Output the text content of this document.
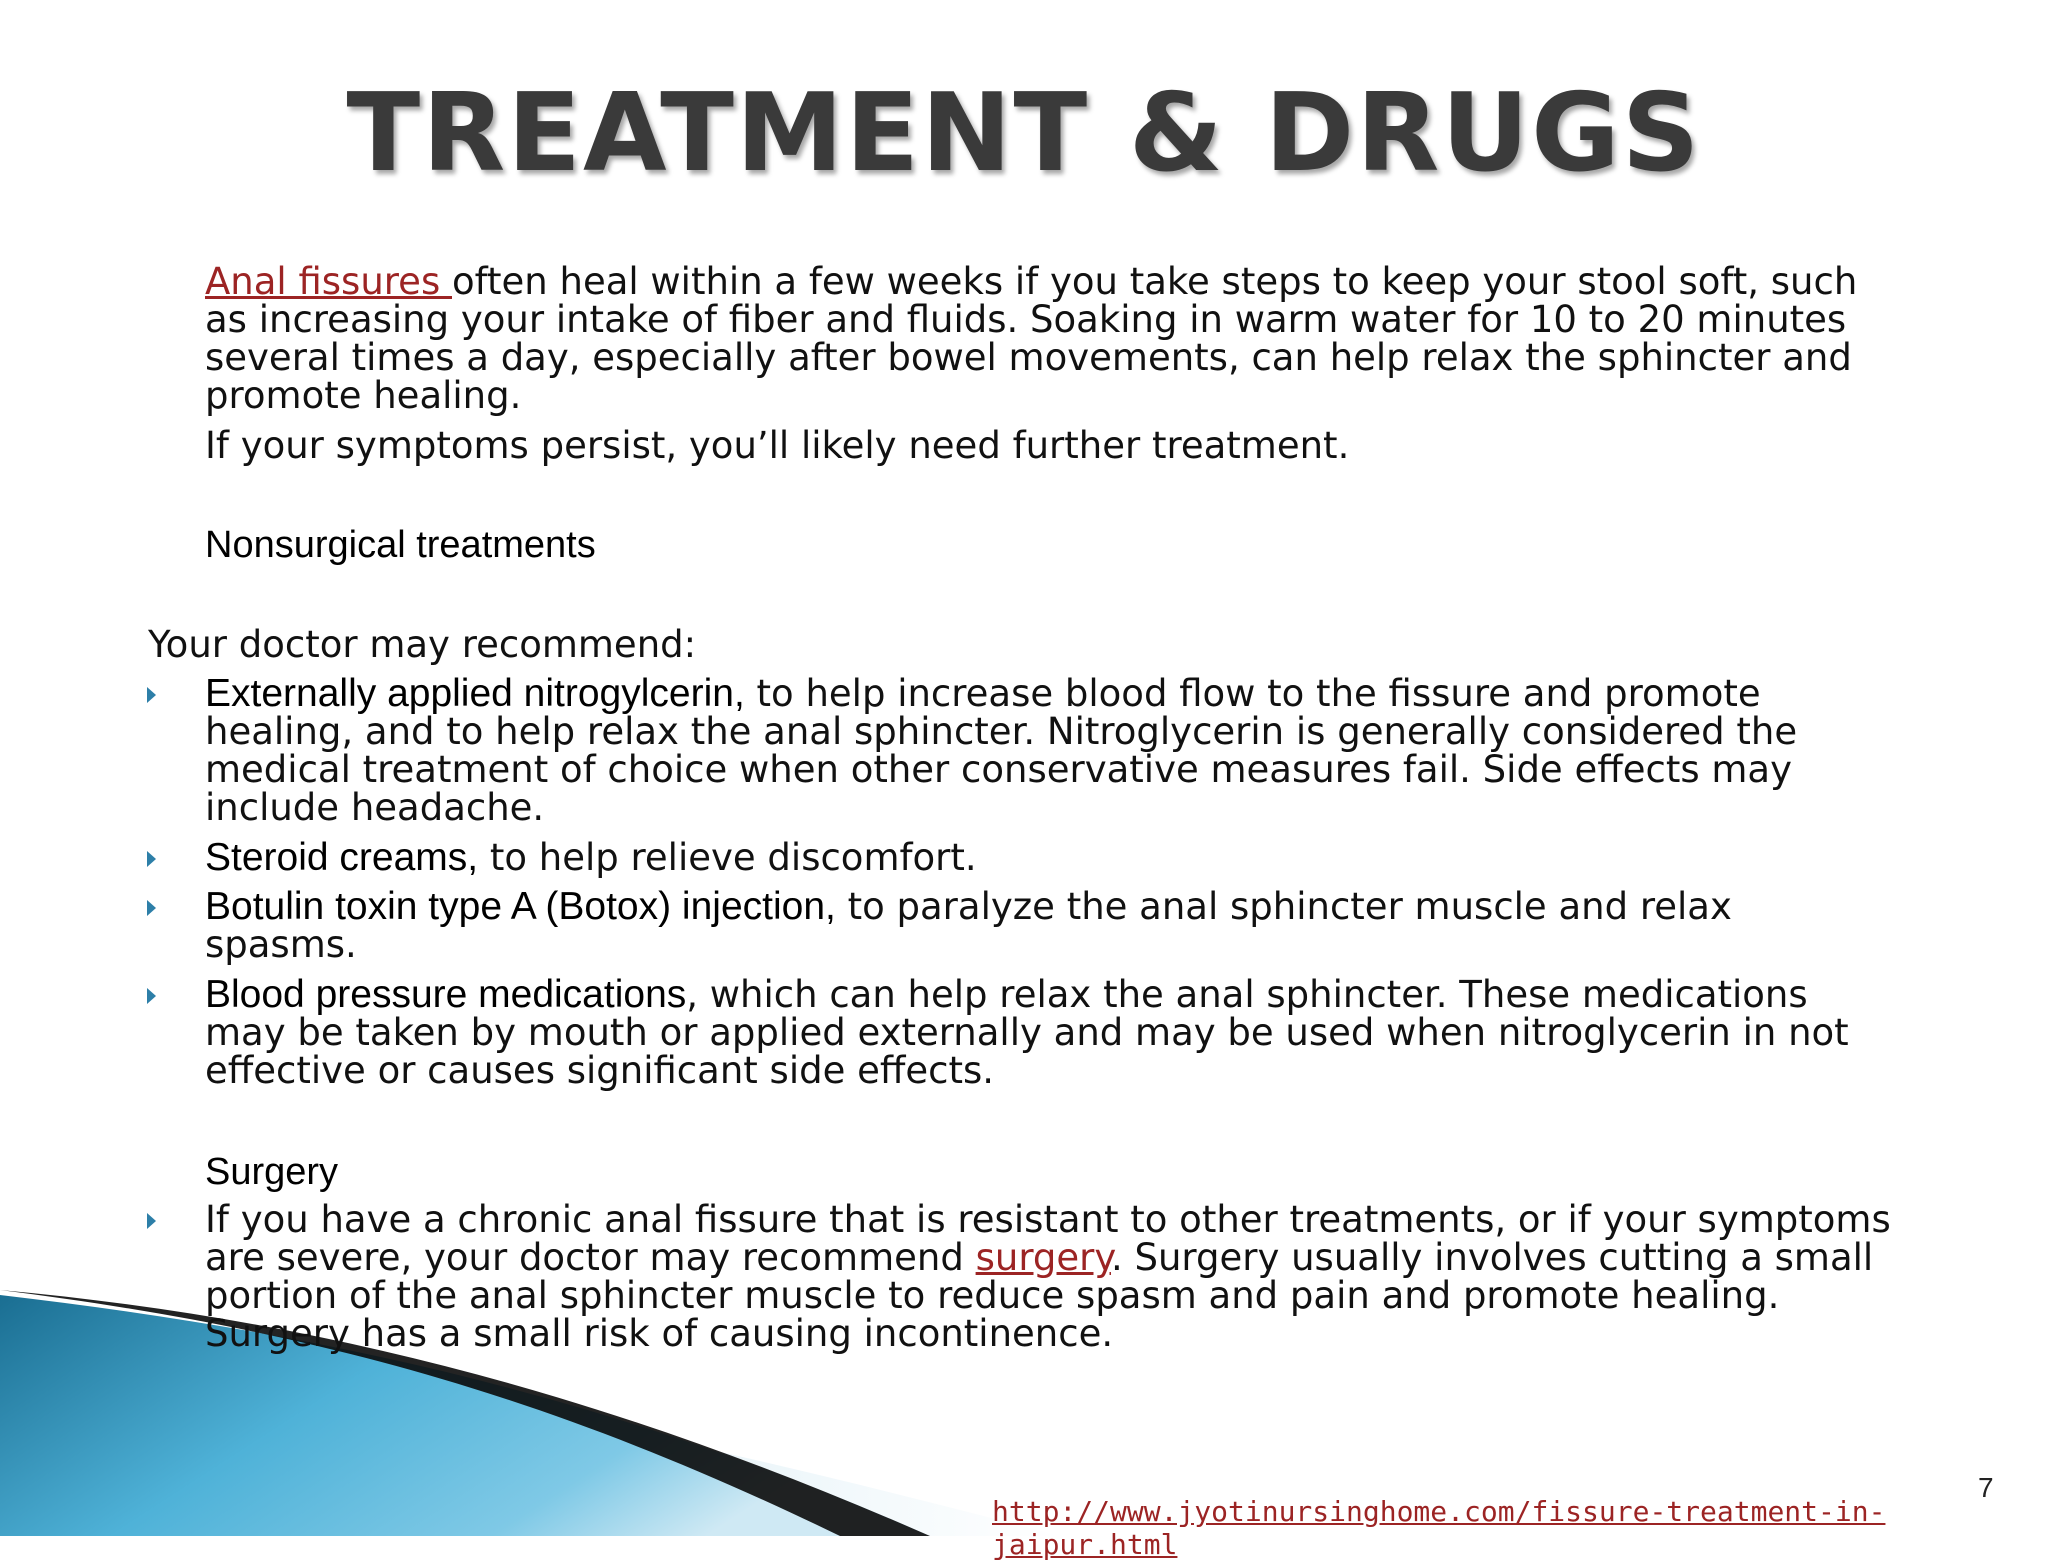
TREATMENT & DRUGS

Anal fissures often heal within a few weeks if you take steps to keep your stool soft, such

as increasing your intake of fiber and fluids. Soaking in warm water for 10 to 20 minutes

several times a day, especially after bowel movements, can help relax the sphincter and

promote healing.

If your symptoms persist, you’ll likely need further treatment.

Nonsurgical treatments

Your doctor may recommend:

Externally applied nitrogylcerin, to help increase blood flow to the fissure and promote

healing, and to help relax the anal sphincter. Nitroglycerin is generally considered the

medical treatment of choice when other conservative measures fail. Side effects may

include headache.

Steroid creams, to help relieve discomfort.

Botulin toxin type A (Botox) injection, to paralyze the anal sphincter muscle and relax

spasms.

Blood pressure medications, which can help relax the anal sphincter. These medications

may be taken by mouth or applied externally and may be used when nitroglycerin in not

effective or causes significant side effects.

Surgery

If you have a chronic anal fissure that is resistant to other treatments, or if your symptoms

are severe, your doctor may recommend surgery. Surgery usually involves cutting a small

portion of the anal sphincter muscle to reduce spasm and pain and promote healing.

Surgery has a small risk of causing incontinence.

7
http://www.jyotinursinghome.com/fissure-treatment-in-jaipur.html
